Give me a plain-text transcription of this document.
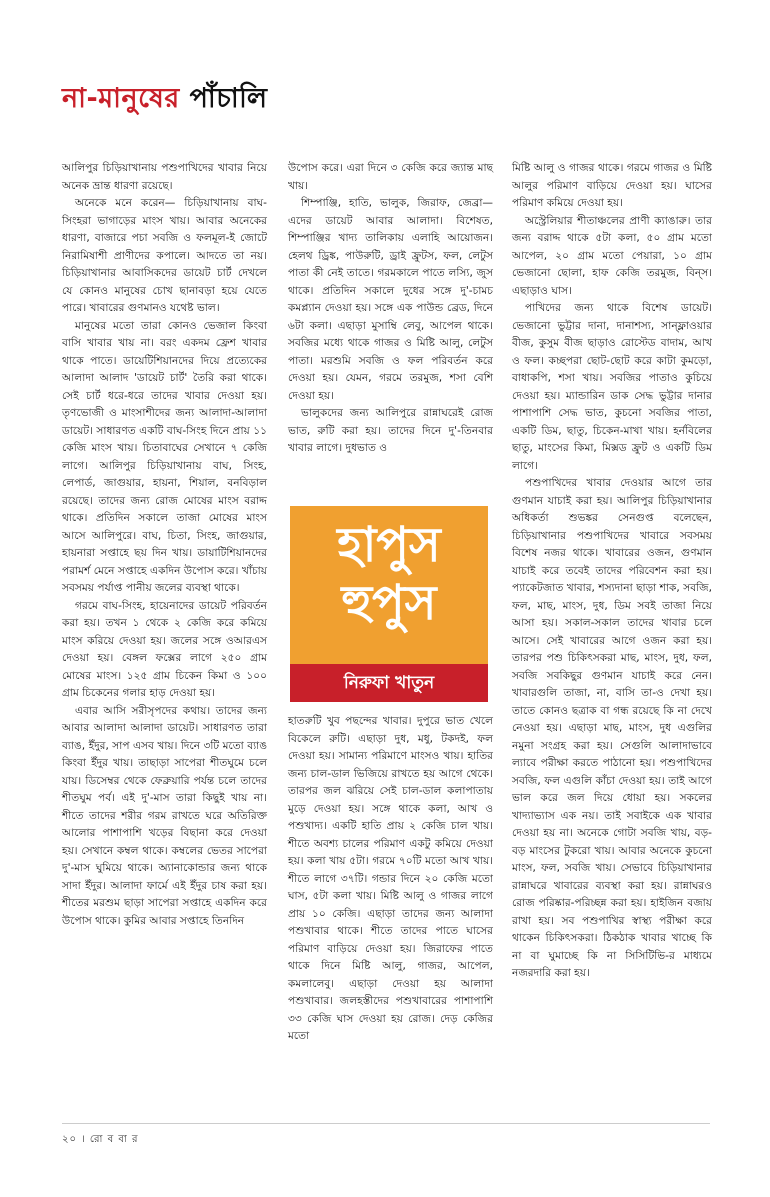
না-মানুষের পাঁচালি

আলিপুর চিড়িয়াখানায় পশুপাখিদের খাবার নিয়ে অনেক ভ্রান্ত ধারণা রয়েছে।

অনেকে মনে করেন— চিড়িয়াখানায় বাঘ-সিংহরা ভাগাড়ের মাংস খায়। আবার অনেকের ধারণা, বাজারে পচা সবজি ও ফলমূল-ই জোটে নিরামিষাশী প্রাণীদের কপালে। আদতে তা নয়। চিড়িয়াখানার আবাসিকদের ডায়েট চার্ট দেখলে যে কোনও মানুষের চোখ ছানাবড়া হয়ে যেতে পারে। খাবারের গুণমানও যথেষ্ট ভাল।

মানুষের মতো তারা কোনও ভেজাল কিংবা বাসি খাবার খায় না। বরং একদম ফ্রেশ খাবার থাকে পাতে। ডায়েটিশিয়ানদের দিয়ে প্রত্যেকের আলাদা আলাদ 'ডায়েট চার্ট' তৈরি করা থাকে। সেই চার্ট ধরে-ধরে তাদের খাবার দেওয়া হয়। তৃণভোজী ও মাংসাশীদের জন্য আলাদা-আলাদা ডায়েট। সাধারণত একটি বাঘ-সিংহ দিনে প্রায় ১১ কেজি মাংস খায়। চিতাবাঘের সেখানে ৭ কেজি লাগে। আলিপুর চিড়িয়াখানায় বাঘ, সিংহ, লেপার্ড, জাগুয়ার, হায়না, শিয়াল, বনবিড়াল রয়েছে। তাদের জন্য রোজ মোষের মাংস বরাদ্দ থাকে। প্রতিদিন সকালে তাজা মোষের মাংস আসে আলিপুরে। বাঘ, চিতা, সিংহ, জাগুয়ার, হায়নারা সপ্তাহে ছয় দিন খায়। ডায়াটিশিয়ানদের পরামর্শ মেনে সপ্তাহে একদিন উপোস করে। খাঁচায় সবসময় পর্যাপ্ত পানীয় জলের ব্যবস্থা থাকে।

গরমে বাঘ-সিংহ, হায়েনাদের ডায়েট পরিবর্তন করা হয়। তখন ১ থেকে ২ কেজি করে কমিয়ে মাংস করিয়ে দেওয়া হয়। জলের সঙ্গে ওআরএস দেওয়া হয়। বেঙ্গল ফক্সের লাগে ২৫০ গ্রাম মোষের মাংস। ১২৫ গ্রাম চিকেন কিমা ও ১০০ গ্রাম চিকেনের গলার হাড় দেওয়া হয়।

এবার আসি সরীসৃপদের কথায়। তাদের জন্য আবার আলাদা আলাদা ডায়েট। সাধারণত তারা ব্যাঙ, ইঁদুর, সাপ এসব খায়। দিনে ৩টি মতো ব্যাঙ কিংবা ইঁদুর খায়। তাছাড়া সাপেরা শীতঘুমে চলে যায়। ডিসেম্বর থেকে ফেব্রুয়ারি পর্যন্ত চলে তাদের শীতঘুম পর্ব। এই দু'-মাস তারা কিছুই খায় না। শীতে তাদের শরীর গরম রাখতে ঘরে অতিরিক্ত আলোর পাশাপাশি খড়ের বিছানা করে দেওয়া হয়। সেখানে কম্বল থাকে। কম্বলের ভেতর সাপেরা দু'-মাস ঘুমিয়ে থাকে। অ্যানাকোন্ডার জন্য থাকে সাদা ইঁদুর। আলাদা ফার্মে এই ইঁদুর চাষ করা হয়। শীতের মরশুম ছাড়া সাপেরা সপ্তাহে একদিন করে উপোস থাকে। কুমির আবার সপ্তাহে তিনদিন

উপোস করে। এরা দিনে ৩ কেজি করে জ্যান্ত মাছ খায়।

শিম্পাঞ্জি, হাতি, ভালুক, জিরাফ, জেব্রা— এদের ডায়েট আবার আলাদা। বিশেষত, শিম্পাঞ্জির খাদ্য তালিকায় এলাহি আয়োজন। হেলথ ড্রিঙ্ক, পাউরুটি, ড্রাই ফ্রুটস, ফল, লেটুস পাতা কী নেই তাতে। গরমকালে পাতে লস্যি, জুস থাকে। প্রতিদিন সকালে দুধের সঙ্গে দু'-চামচ কমপ্ল্যান দেওয়া হয়। সঙ্গে এক পাউন্ড ব্রেড, দিনে ৬টা কলা। এছাড়া মুসাম্বি লেবু, আপেল থাকে। সবজির মধ্যে থাকে গাজর ও মিষ্টি আলু, লেটুস পাতা। মরশুমি সবজি ও ফল পরিবর্তন করে দেওয়া হয়। যেমন, গরমে তরমুজ, শসা বেশি দেওয়া হয়।

ভালুকদের জন্য আলিপুরে রান্নাঘরেই রোজ ভাত, রুটি করা হয়। তাদের দিনে দু'-তিনবার খাবার লাগে। দুধভাত ও

হাপুস
হুপুস
নিরুফা খাতুন

হাতরুটি খুব পছন্দের খাবার। দুপুরে ভাত খেলে বিকেলে রুটি। এছাড়া দুধ, মধু, টকদই, ফল দেওয়া হয়। সামান্য পরিমাণে মাংসও খায়। হাতির জন্য চাল-ডাল ভিজিয়ে রাখতে হয় আগে থেকে। তারপর জল ঝরিয়ে সেই চাল-ডাল কলাপাতায় মুড়ে দেওয়া হয়। সঙ্গে থাকে কলা, আখ ও পশুখাদ্য। একটি হাতি প্রায় ২ কেজি চাল খায়। শীতে অবশ্য চালের পরিমাণ একটু কমিয়ে দেওয়া হয়। কলা খায় ৫টা। গরমে ৭০টি মতো আখ খায়। শীতে লাগে ৩৭টি। গন্ডার দিনে ২০ কেজি মতো ঘাস, ৫টা কলা খায়। মিষ্টি আলু ও গাজর লাগে প্রায় ১০ কেজি। এছাড়া তাদের জন্য আলাদা পশুখাবার থাকে। শীতে তাদের পাতে ঘাসের পরিমাণ বাড়িয়ে দেওয়া হয়। জিরাফের পাতে থাকে দিনে মিষ্টি আলু, গাজর, আপেল, কমলালেবু। এছাড়া দেওয়া হয় আলাদা পশুখাবার। জলহস্তীদের পশুখাবারের পাশাপাশি ৩৩ কেজি ঘাস দেওয়া হয় রোজ। দেড় কেজির মতো

মিষ্টি আলু ও গাজর থাকে। গরমে গাজর ও মিষ্টি আলুর পরিমাণ বাড়িয়ে দেওয়া হয়। ঘাসের পরিমাণ কমিয়ে দেওয়া হয়।

অস্ট্রেলিয়ার শীতাঞ্চলের প্রাণী ক্যাঙারু। তার জন্য বরাদ্দ থাকে ৫টা কলা, ৫০ গ্রাম মতো আপেল, ২০ গ্রাম মতো পেয়ারা, ১০ গ্রাম ভেজানো ছোলা, হাফ কেজি তরমুজ, বিন্‌স। এছাড়াও ঘাস।

পাখিদের জন্য থাকে বিশেষ ডায়েট। ভেজানো ভুট্টার দানা, দানাশস্য, সান্‌ফ্লাওয়ার বীজ, কুসুম বীজ ছাড়াও রোস্টেড বাদাম, আখ ও ফল। কচ্ছপরা ছোট-ছোট করে কাটা কুমড়ো, বাধাকপি, শসা খায়। সবজির পাতাও কুচিয়ে দেওয়া হয়। ম্যান্ডারিন ডাক সেদ্ধ ভুট্টার দানার পাশাপাশি সেদ্ধ ভাত, কুচনো সবজির পাতা, একটি ডিম, ছাতু, চিকেন-মাখা খায়। হর্নবিলের ছাতু, মাংসের কিমা, মিক্সড ফ্রুট ও একটি ডিম লাগে।

পশুপাখিদের খাবার দেওয়ার আগে তার গুণমান যাচাই করা হয়। আলিপুর চিড়িয়াখানার অধিকর্তা শুভঙ্কর সেনগুপ্ত বলেছেন, চিড়িয়াখানার পশুপাখিদের খাবারে সবসময় বিশেষ নজর থাকে। খাবারের ওজন, গুণমান যাচাই করে তবেই তাদের পরিবেশন করা হয়। প্যাকেটজাত খাবার, শস্যদানা ছাড়া শাক, সবজি, ফল, মাছ, মাংস, দুধ, ডিম সবই তাজা নিয়ে আসা হয়। সকাল-সকাল তাদের খাবার চলে আসে। সেই খাবারের আগে ওজন করা হয়। তারপর পশু চিকিৎসকরা মাছ, মাংস, দুধ, ফল, সবজি সবকিছুর গুণমান যাচাই করে নেন। খাবারগুলি তাজা, না, বাসি তা-ও দেখা হয়। তাতে কোনও ছত্রাক বা গন্ধ রয়েছে কি না দেখে নেওয়া হয়। এছাড়া মাছ, মাংস, দুধ এগুলির নমুনা সংগ্রহ করা হয়। সেগুলি আলাদাভাবে ল্যাবে পরীক্ষা করতে পাঠানো হয়। পশুপাখিদের সবজি, ফল এগুলি কাঁচা দেওয়া হয়। তাই আগে ভাল করে জল দিয়ে ধোয়া হয়। সকলের খাদ্যাভ্যাস এক নয়। তাই সবাইকে এক খাবার দেওয়া হয় না। অনেকে গোটা সবজি খায়, বড়-বড় মাংসের টুকরো খায়। আবার অনেকে কুচনো মাংস, ফল, সবজি খায়। সেভাবে চিড়িয়াখানার রান্নাঘরে খাবারের ব্যবস্থা করা হয়। রান্নাঘরও রোজ পরিষ্কার-পরিচ্ছন্ন করা হয়। হাইজিন বজায় রাখা হয়। সব পশুপাখির স্বাস্থ্য পরীক্ষা করে থাকেন চিকিৎসকরা। ঠিকঠাক খাবার খাচ্ছে কি না বা ঘুমাচ্ছে কি না সিসিটিভি-র মাধ্যমে নজরদারি করা হয়।

২০ । রো ব বা র
